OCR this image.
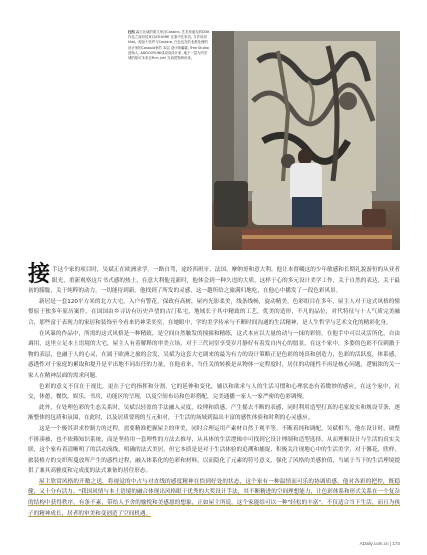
杜凯 森宇区域的第几家自Cassina, 艺术家朋友的DOK作品之前同结来自ATHOME 在原中在家具, 当作用到 Hiat。源品个软件与Cassina, 白色也在的北都处理的设计家的Casaula家的 本层 设计师翼耀, Tree Studio创始人, ADDOOYUNI成成成设计家, 地下一层为内贝城的原可本来自Finn Juhl 当前把物码用来。

接手这个家的项目时，吴斌正在欧洲求学。一路自驾，途经西班牙、法国、摩纳哥和意大利。他让本督曦这的少年敏感和长期礼貌游恒的从业者眼光，重新观察这片书式感的热土，在意大利他竟新时，他体会到一种久违的大质，这样于心的多元设计美学工作，关于自然的表达，关于最初的朦胧，关于纯粹的动力，一切能待到新。他找到了所发的灵感，这一趟所给之旅满归地吃，在他心中播发了一段色彩风景。

新居是一套120平方米的北方大宅，入户有警花，保政有高树，屋内光影柔美，线条线畅，旋动精美。色彩组目在多年，屋主人对于这式风格的憧憬原于独多年原历案件，在国国由乡寻访有历史声望的古门私宅，地域长于其中精致的工艺，优美的造形，不凡的品位，对代特征与十人气质完美融合，那些富于表现力的家居和装饰至今看来仍神采奕奕，在她眼中，学的美学传承与不断时间沟通的生活精神，是人生哲学与艺术文化的精彩化身。

在风暴的作品中，所需的这式风格是一种精致，是空间自然触发的撞撞和精练，这式本应以大量的动与一抹的彩情，在他手中可以灵活所化，自由调用，这里立足本土语境的大宅，屋主人有着解释的审美立场，对于三代同堂享受岁月静好有着发自内心的愿景，在这个家中，多姿的色彩不仅刺激于物的表层，也融于人的心灵，在属于欧洲之旅的会发，吴斌为这套大宅调来的最为有力的设计策略正是色彩的纯真和创造力，色彩的活跃度，体系感，惑透性对于家庭的累取和提升是平出地不同出任的力量，在他看来，当任关的转换是从物体一定程度时，居住的功能性不再是核心问题，逻辑浓的关一家人在精神层面的需求问题。

色彩的意义不仅在于视比，更在于它的指挥和分割，它的延伸和变化，辅以和欲求与人的生活习惯和心理状态有着微妙的感应，在这个家中，社交，休憩，餐饮，娱乐，书房，功能区的呈现，以及空间布局和色彩搭配，完美通播一家人一家严密的色彩调慢。

此外，在处理色彩的生态关系时，吴斌以轻盈的手法融入灵度，纹理和质感，产生摇去不断的表感，同时利用造型打真的毛家度实和规设节条，逐渐整体的包质和氛围，在此时，以及居质要现的互元和对，于生活的场域到温出丰富的感性体验和时利的心灵感应。

这是一个极其讲求控制力的过程，需要精准把握屋主的审美，同时合理运用产素材自然于观平等。不断着纯和调配，吴斌相当，他在设计时，调整不拼凑被，也不依赖知识系统，而是坚持用一套理性的方法去推导，从具体的生活逻辑中可找到它设计理制和造型选择，从而理顺设计与生活的真实关联，这个家有着清晰明了的活动流线，明确的法式美居，但它本质是是对于生活体验的追溯和捕捉，积极关注现地心中的生活美学，对于馨花，欣样，旅装格方的交织所蔓放所产生的惑性过程，融入体系化的色彩和材料，以而隐化了元素的符号意义，强化了风格的美感价值，当属于当下的生活理境提供了兼具高雅度和完成度的法式兼备的居住形态。

屋主欣赏风格的开敞之送，将视觉的中占与对直线的感度精神在恰到好处的状态，这个家有一种温情而可乐的协调质感，他对各彩的把控，既稳健，又十分有活力。"我国风情与本土语境的融合体现出风格眼于优秀的大奖设计手法，其不断精进的空间理想能力，让色彩体系和形式关系在一个复杂的结构中获得秩序，有条不紊，带给人予舍的愉悦和美感愿的想象，正如屋主所说，这个家能给可以一种"轻松的丰富"，不仅适合当下生活，而且为孩子的精神成长，居者的审美和变创造了空间机遇。

ADaily.com.cn | 173
